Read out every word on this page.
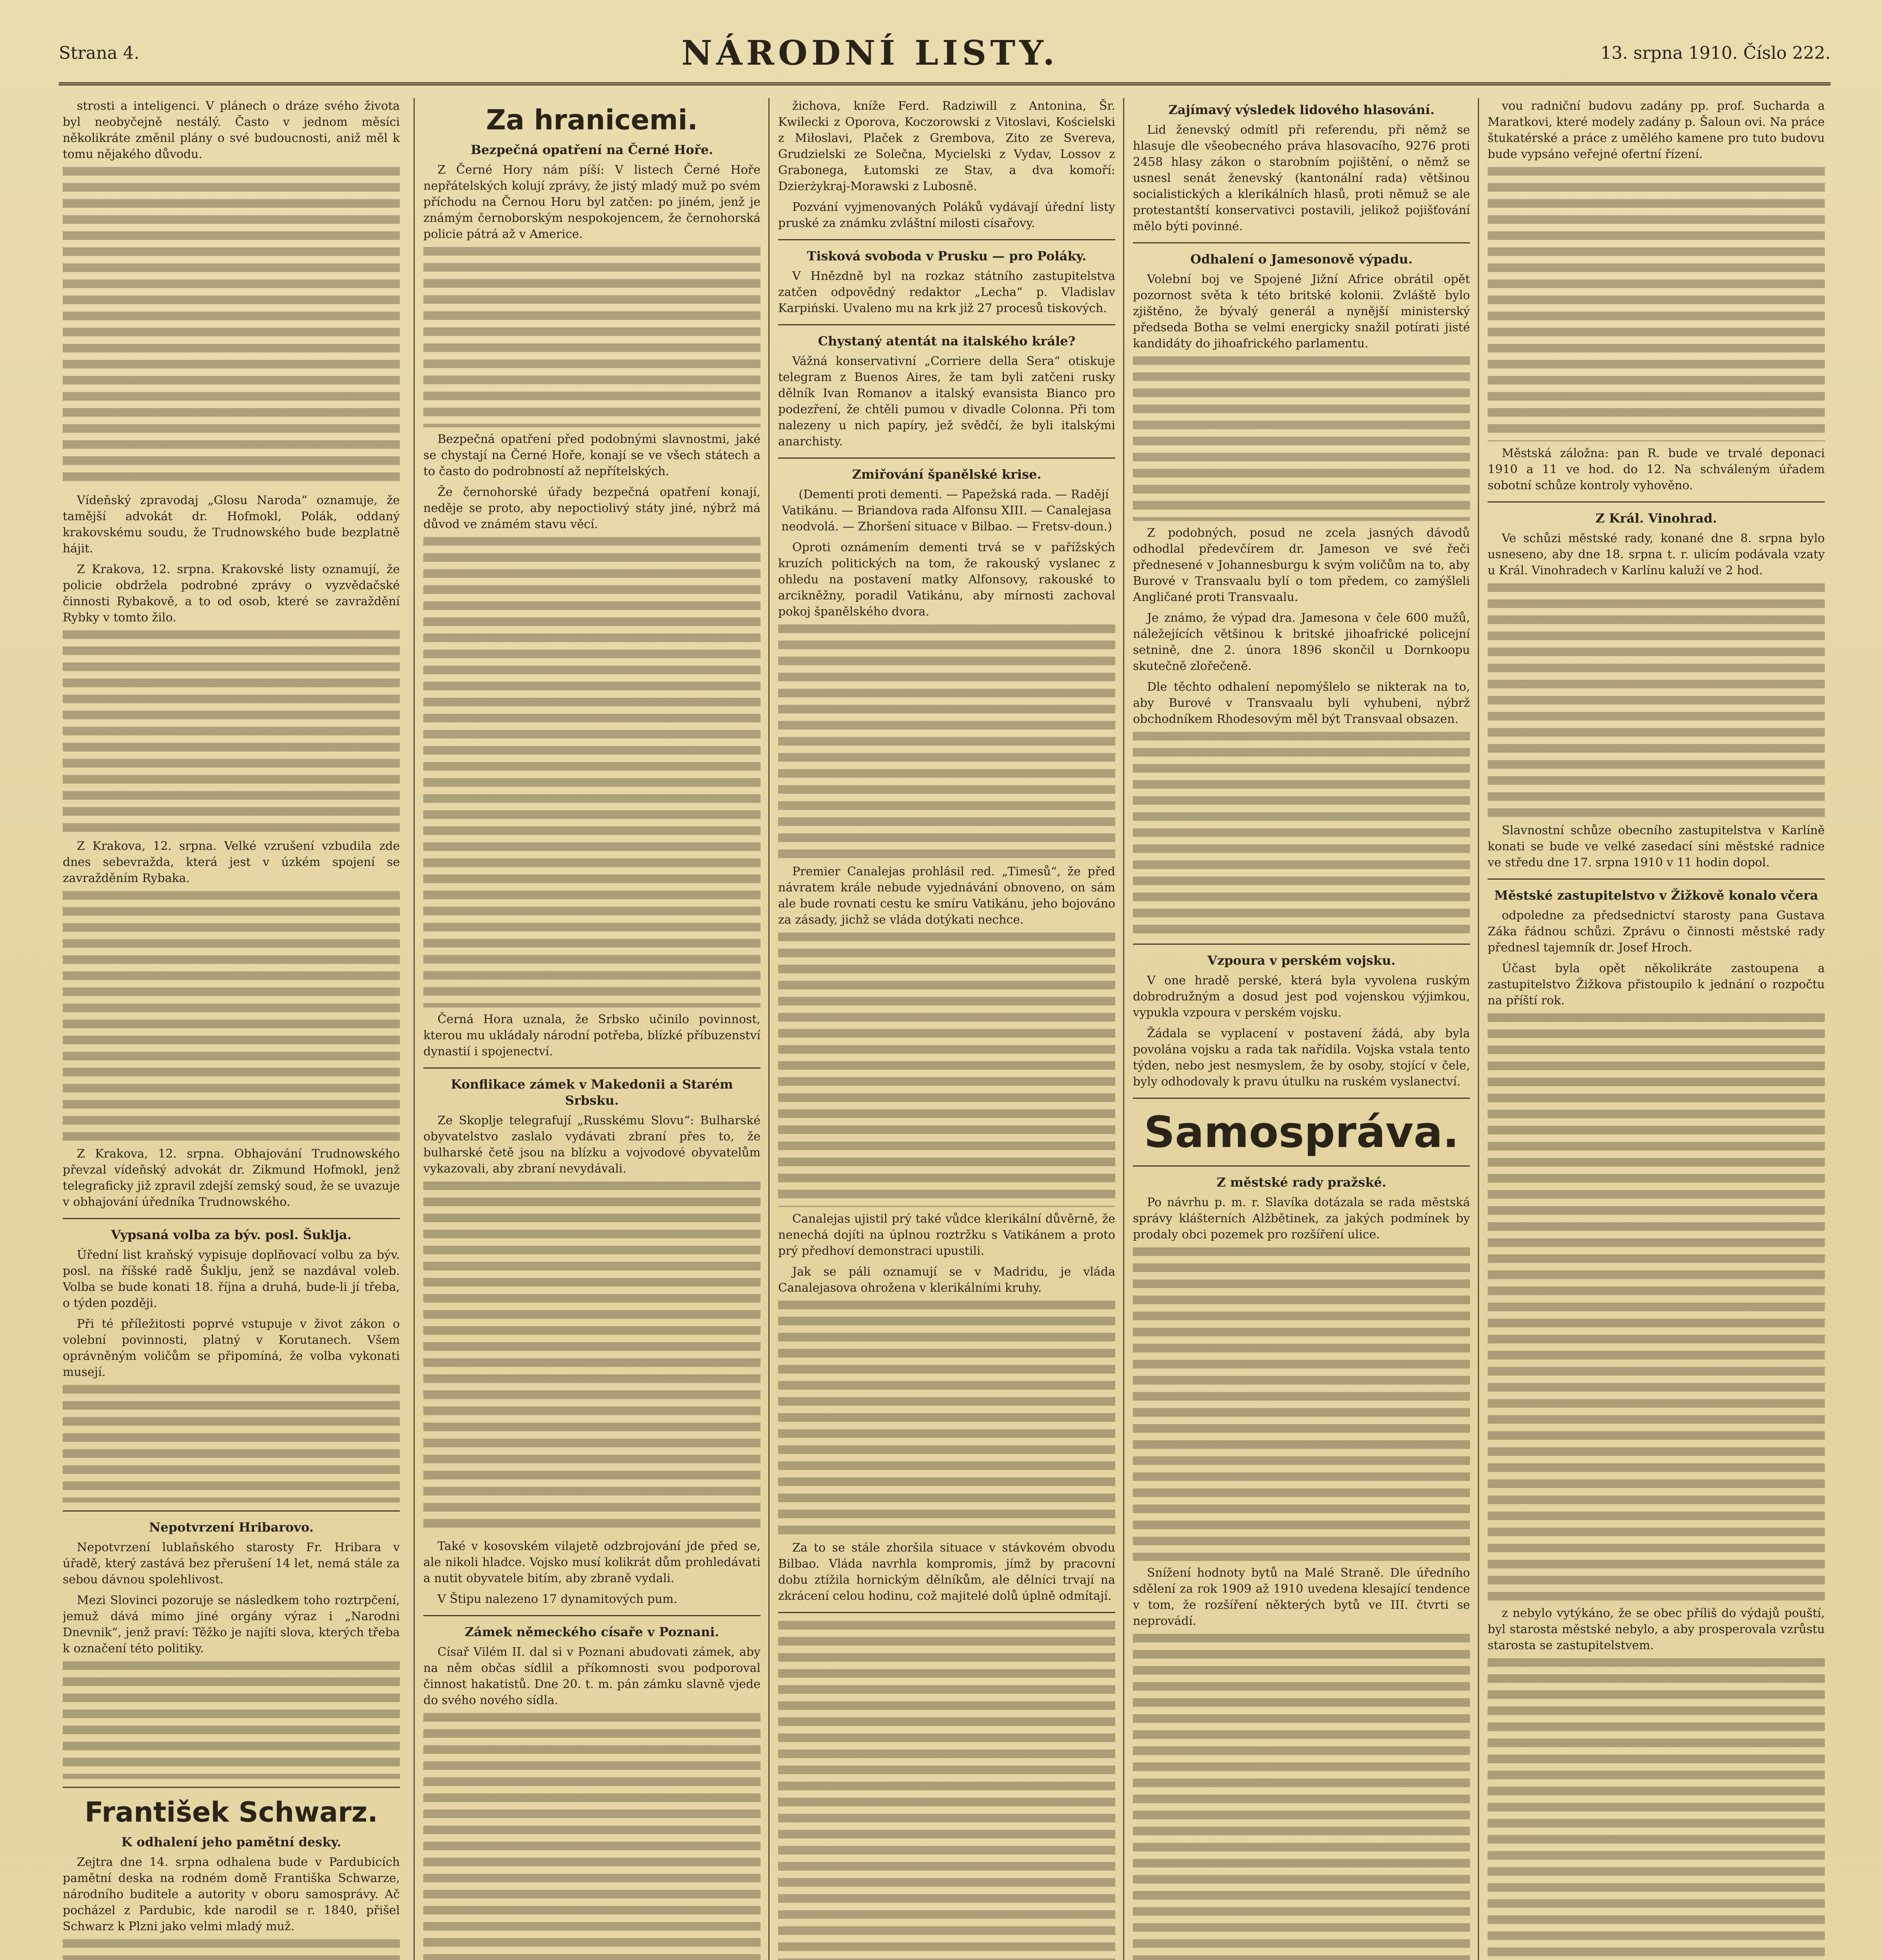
Strana 4.	NÁRODNÍ LISTY.	13. srpna 1910. Číslo 222.

strosti a inteligenci. V plánech o dráze svého života byl neobyčejně nestálý. Často v jednom měsíci několikráte změnil plány o své budoucnosti, aniž měl k tomu nějakého důvodu.

Vídeňský zpravodaj „Glosu Naroda“ oznamuje, že tamější advokát dr. Hofmokl, Polák, oddaný krakovskému soudu, že Trudnowského bude bezplatně hájit.

Z Krakova, 12. srpna. Krakovské listy oznamují, že policie obdržela podrobné zprávy o vyzvědačské činnosti Rybakově, a to od osob, které se zavraždění Rybky v tomto žilo.

Z Krakova, 12. srpna. Velké vzrušení vzbudila zde dnes sebevražda, která jest v úzkém spojení se zavražděním Rybaka.

Z Krakova, 12. srpna. Obhajování Trudnowského převzal vídeňský advokát dr. Zikmund Hofmokl, jenž telegraficky již zpravil zdejší zemský soud, že se uvazuje v obhajování úředníka Trudnowského.

Vypsaná volba za býv. posl. Šuklja.

Úřední list kraňský vypisuje doplňovací volbu za býv. posl. na říšské radě Šuklju, jenž se nazdával voleb. Volba se bude konati 18. října a druhá, bude-li jí třeba, o týden později.

Při té příležitosti poprvé vstupuje v život zákon o volební povinnosti, platný v Korutanech. Všem oprávněným voličům se připomíná, že volba vykonati musejí.

Nepotvrzení Hribarovo.

Nepotvrzení lublaňského starosty Fr. Hribara v úřadě, který zastává bez přerušení 14 let, nemá stále za sebou dávnou spolehlivost.

Mezi Slovinci pozoruje se následkem toho roztrpčení, jemuž dává mimo jiné orgány výraz i „Narodni Dnevnik“, jenž praví: Těžko je najíti slova, kterých třeba k označení této politiky.

František Schwarz.
K odhalení jeho pamětní desky.

Zejtra dne 14. srpna odhalena bude v Pardubicích pamětní deska na rodném domě Františka Schwarze, národního buditele a autority v oboru samosprávy. Ač pocházel z Pardubic, kde narodil se r. 1840, přišel Schwarz k Plzni jako velmi mladý muž.

Za hranicemi.
Bezpečná opatření na Černé Hoře.

Z Černé Hory nám píší: V listech Černé Hoře nepřátelských kolují zprávy, že jistý mladý muž po svém příchodu na Černou Horu byl zatčen: po jiném, jenž je známým černoborským nespokojencem, že černohorská policie pátrá až v Americe.

Bezpečná opatření před podobnými slavnostmi, jaké se chystají na Černé Hoře, konají se ve všech státech a to často do podrobností až nepřítelských.

Že černohorské úřady bezpečná opatření konají, neděje se proto, aby nepoctiolivý státy jiné, nýbrž má důvod ve známém stavu věcí.

Černá Hora uznala, že Srbsko učinilo povinnost, kterou mu ukládaly národní potřeba, blízké příbuzenství dynastií i spojenectví.

Konflikace zámek v Makedonii a Starém Srbsku.

Ze Skoplje telegrafují „Russkému Slovu“: Bulharské obyvatelstvo zaslalo vydávati zbraní přes to, že bulharské četě jsou na blízku a vojvodové obyvatelům vykazovali, aby zbraní nevydávali.

Také v kosovském vilajetě odzbrojování jde před se, ale nikoli hladce. Vojsko musí kolikrát dům prohledávati a nutit obyvatele bitím, aby zbraně vydali.

V Štipu nalezeno 17 dynamitových pum.

Zámek německého císaře v Poznani.

Císař Vilém II. dal si v Poznani abudovati zámek, aby na něm občas sídlil a příkomnosti svou podporoval činnost hakatistů. Dne 20. t. m. pán zámku slavně vjede do svého nového sídla.

žichova, kníže Ferd. Radziwill z Antonina, Šr. Kwilecki z Oporova, Koczorowski z Vitoslavi, Kościelski z Miłoslavi, Plaček z Grembova, Zito ze Svereva, Grudzielski ze Solečna, Mycielski z Vydav, Lossov z Grabonega, Łutomski ze Stav, a dva komoří: Dzierżykraj-Morawski z Lubosně.

Pozvání vyjmenovaných Poláků vydávají úřední listy pruské za známku zvláštní milosti císařovy.

Tisková svoboda v Prusku — pro Poláky.

V Hnězdně byl na rozkaz státního zastupitelstva zatčen odpovědný redaktor „Lecha“ p. Vladislav Karpiński. Uvaleno mu na krk již 27 procesů tiskových.

Chystaný atentát na italského krále?

Vážná konservativní „Corriere della Sera“ otiskuje telegram z Buenos Aires, že tam byli zatčeni rusky dělník Ivan Romanov a italský evansista Bianco pro podezření, že chtěli pumou v divadle Colonna. Při tom nalezeny u nich papíry, jež svědčí, že byli italskými anarchisty.

Zmiřování španělské krise.

(Dementi proti dementi. — Papežská rada. — Radějí Vatikánu. — Briandova rada Alfonsu XIII. — Canalejasa neodvolá. — Zhoršení situace v Bilbao. — Fretsv-doun.)

Oproti oznámením dementi trvá se v pařížských kruzích politických na tom, že rakouský vyslanec z ohledu na postavení matky Alfonsovy, rakouské to arcikněžny, poradil Vatikánu, aby mírnosti zachoval pokoj španělského dvora.

Premier Canalejas prohlásil red. „Timesů“, že před návratem krále nebude vyjednávání obnoveno, on sám ale bude rovnati cestu ke smíru Vatikánu, jeho bojováno za zásady, jichž se vláda dotýkati nechce.

Canalejas ujistil prý také vůdce klerikální důvěrně, že nenechá dojíti na úplnou roztržku s Vatikánem a proto prý předhoví demonstraci upustili.

Jak se páli oznamují se v Madridu, je vláda Canalejasova ohrožena v klerikálními kruhy.

Za to se stále zhoršila situace v stávkovém obvodu Bilbao. Vláda navrhla kompromis, jímž by pracovní dobu ztížila hornickým dělníkům, ale dělníci trvají na zkrácení celou hodinu, což majitelé dolů úplně odmítají.

Zajímavý výsledek lidového hlasování.

Lid ženevský odmítl při referendu, při němž se hlasuje dle všeobecného práva hlasovacího, 9276 proti 2458 hlasy zákon o starobním pojištění, o němž se usnesl senát ženevský (kantonální rada) většinou socialistických a klerikálních hlasů, proti němuž se ale protestantští konservativci postavili, jelikož pojišťování mělo býti povinné.

Odhalení o Jamesonově výpadu.

Volební boj ve Spojené Jižní Africe obrátil opět pozornost světa k této britské kolonii. Zvláště bylo zjištěno, že bývalý generál a nynější ministerský předseda Botha se velmi energicky snažil potírati jisté kandidáty do jihoafrického parlamentu.

Z podobných, posud ne zcela jasných dávodů odhodlal předevčírem dr. Jameson ve své řeči přednesené v Johannesburgu k svým voličům na to, aby Burové v Transvaalu bylí o tom předem, co zamýšleli Angličané proti Transvaalu.

Je známo, že výpad dra. Jamesona v čele 600 mužů, náležejících většinou k britské jihoafrické policejní setnině, dne 2. února 1896 skončil u Dornkoopu skutečně zlořečeně.

Dle těchto odhalení nepomýšlelo se nikterak na to, aby Burové v Transvaalu byli vyhubeni, nýbrž obchodníkem Rhodesovým měl být Transvaal obsazen.

Vzpoura v perském vojsku.

V one hradě perské, která byla vyvolena ruským dobrodružným a dosud jest pod vojenskou výjimkou, vypukla vzpoura v perském vojsku.

Žádala se vyplacení v postavení žádá, aby byla povolána vojsku a rada tak nařídila. Vojska vstala tento týden, nebo jest nesmyslem, že by osoby, stojící v čele, byly odhodovaly k pravu útulku na ruském vyslanectví.

Samospráva.
Z městské rady pražské.

Po návrhu p. m. r. Slavíka dotázala se rada městská správy klášterních Alžbětinek, za jakých podmínek by prodaly obci pozemek pro rozšíření ulice.

Snížení hodnoty bytů na Malé Straně. Dle úředního sdělení za rok 1909 až 1910 uvedena klesající tendence v tom, že rozšíření některých bytů ve III. čtvrti se neprovádí.

vou radniční budovu zadány pp. prof. Sucharda a Maratkovi, které modely zadány p. Šaloun ovi. Na práce štukatérské a práce z umělého kamene pro tuto budovu bude vypsáno veřejné ofertní řízení.

Městská záložna: pan R. bude ve trvalé deponaci 1910 a 11 ve hod. do 12. Na schváleným úřadem sobotní schůze kontroly vyhověno.

Z Král. Vinohrad.

Ve schůzi městské rady, konané dne 8. srpna bylo usneseno, aby dne 18. srpna t. r. ulicím podávala vzaty u Král. Vinohradech v Karlínu kaluží ve 2 hod.

Slavnostní schůze obecního zastupitelstva v Karlíně konati se bude ve velké zasedací síni městské radnice ve středu dne 17. srpna 1910 v 11 hodin dopol.

Městské zastupitelstvo v Žižkově konalo včera

odpoledne za předsednictví starosty pana Gustava Záka řádnou schůzi. Zprávu o činnosti městské rady přednesl tajemník dr. Josef Hroch.

Účast byla opět několikráte zastoupena a zastupitelstvo Žižkova přistoupilo k jednání o rozpočtu na příští rok.

z nebylo vytýkáno, že se obec příliš do výdajů pouští, byl starosta městské nebylo, a aby prosperovala vzrůstu starosta se zastupitelstvem.
